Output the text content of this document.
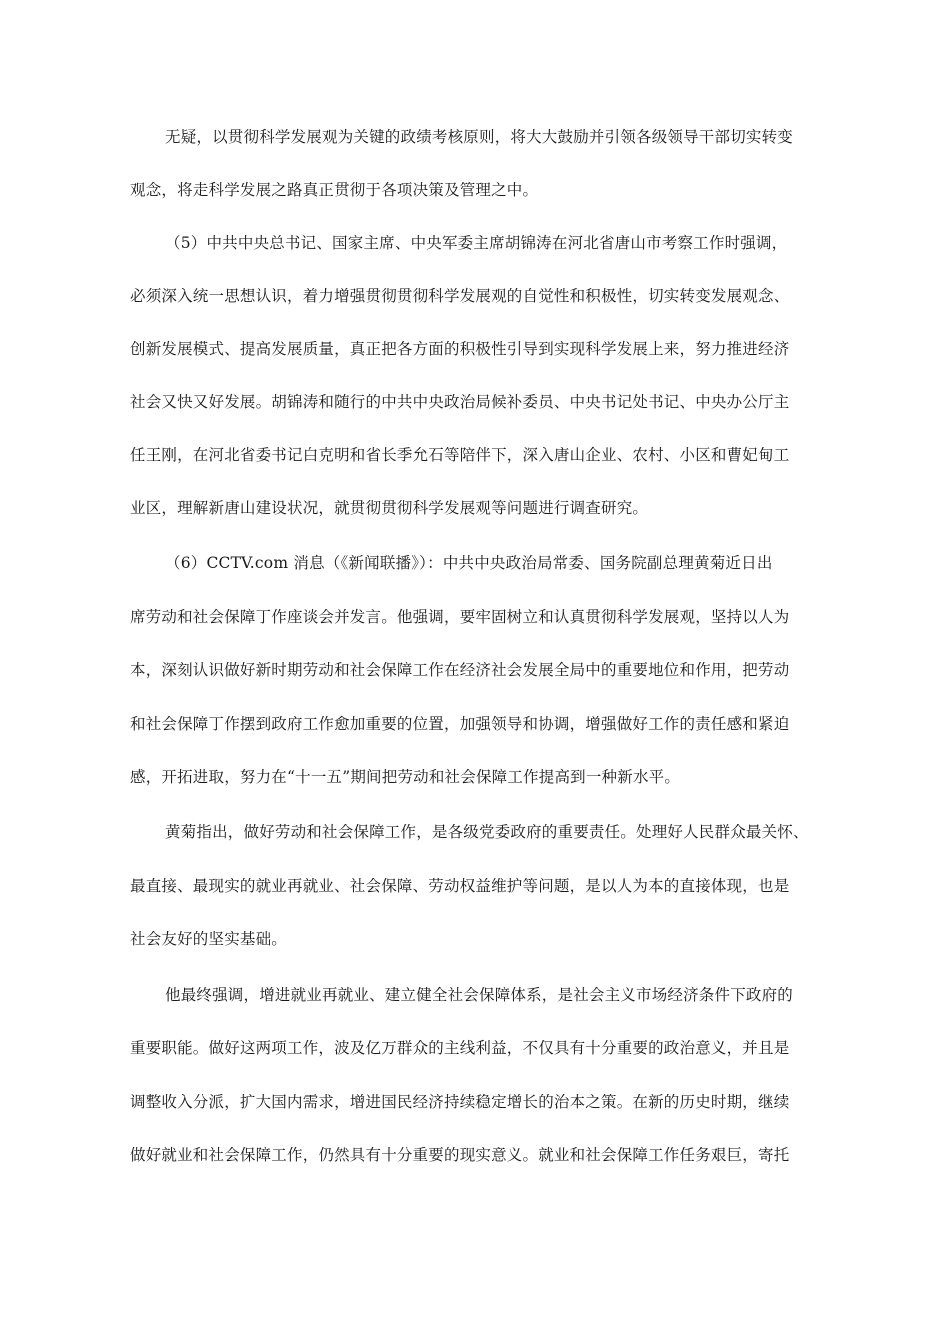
无疑，以贯彻科学发展观为关键的政绩考核原则，将大大鼓励并引领各级领导干部切实转变
观念，将走科学发展之路真正贯彻于各项决策及管理之中。
（5）中共中央总书记、国家主席、中央军委主席胡锦涛在河北省唐山市考察工作时强调，
必须深入统一思想认识，着力增强贯彻贯彻科学发展观的自觉性和积极性，切实转变发展观念、
创新发展模式、提高发展质量，真正把各方面的积极性引导到实现科学发展上来，努力推进经济
社会又快又好发展。胡锦涛和随行的中共中央政治局候补委员、中央书记处书记、中央办公厅主
任王刚，在河北省委书记白克明和省长季允石等陪伴下，深入唐山企业、农村、小区和曹妃甸工
业区，理解新唐山建设状况，就贯彻贯彻科学发展观等问题进行调查研究。
（6）CCTV.com 消息（《新闻联播》）：中共中央政治局常委、国务院副总理黄菊近日出
席劳动和社会保障丁作座谈会并发言。他强调，要牢固树立和认真贯彻科学发展观，坚持以人为
本，深刻认识做好新时期劳动和社会保障工作在经济社会发展全局中的重要地位和作用，把劳动
和社会保障丁作摆到政府工作愈加重要的位置，加强领导和协调，增强做好工作的责任感和紧迫
感，开拓进取，努力在“十一五”期间把劳动和社会保障工作提高到一种新水平。
黄菊指出，做好劳动和社会保障工作，是各级党委政府的重要责任。处理好人民群众最关怀、
最直接、最现实的就业再就业、社会保障、劳动权益维护等问题，是以人为本的直接体现，也是
社会友好的坚实基础。
他最终强调，增进就业再就业、建立健全社会保障体系，是社会主义市场经济条件下政府的
重要职能。做好这两项工作，波及亿万群众的主线利益，不仅具有十分重要的政治意义，并且是
调整收入分派，扩大国内需求，增进国民经济持续稳定增长的治本之策。在新的历史时期，继续
做好就业和社会保障工作，仍然具有十分重要的现实意义。就业和社会保障工作任务艰巨，寄托
